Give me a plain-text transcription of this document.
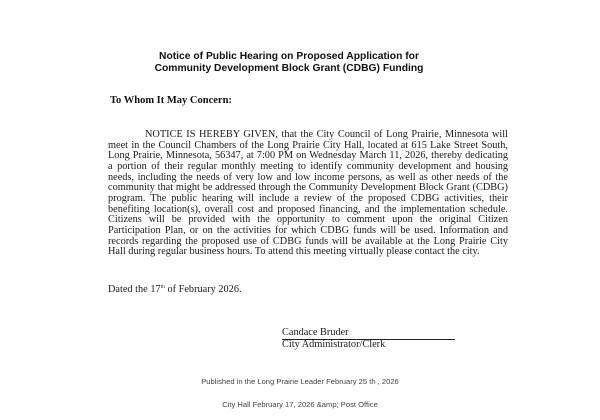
Notice of Public Hearing on Proposed Application for
Community Development Block Grant (CDBG) Funding
To Whom It May Concern:
NOTICE IS HEREBY GIVEN, that the City Council of Long Prairie, Minnesota will meet in the Council Chambers of the Long Prairie City Hall, located at 615 Lake Street South, Long Prairie, Minnesota, 56347, at 7:00 PM on Wednesday March 11, 2026, thereby dedicating a portion of their regular monthly meeting to identify community development and housing needs, including the needs of very low and low income persons, as well as other needs of the community that might be addressed through the Community Development Block Grant (CDBG) program. The public hearing will include a review of the proposed CDBG activities, their benefiting location(s), overall cost and proposed financing, and the implementation schedule. Citizens will be provided with the opportunity to comment upon the original Citizen Participation Plan, or on the activities for which CDBG funds will be used. Information and records regarding the proposed use of CDBG funds will be available at the Long Prairie City Hall during regular business hours. To attend this meeting virtually please contact the city.
Dated the 17th of February 2026.
Candace Bruder
City Administrator/Clerk
Published in the Long Prairie Leader February 25 th , 2026
City Hall February 17, 2026 &amp; Post Office
